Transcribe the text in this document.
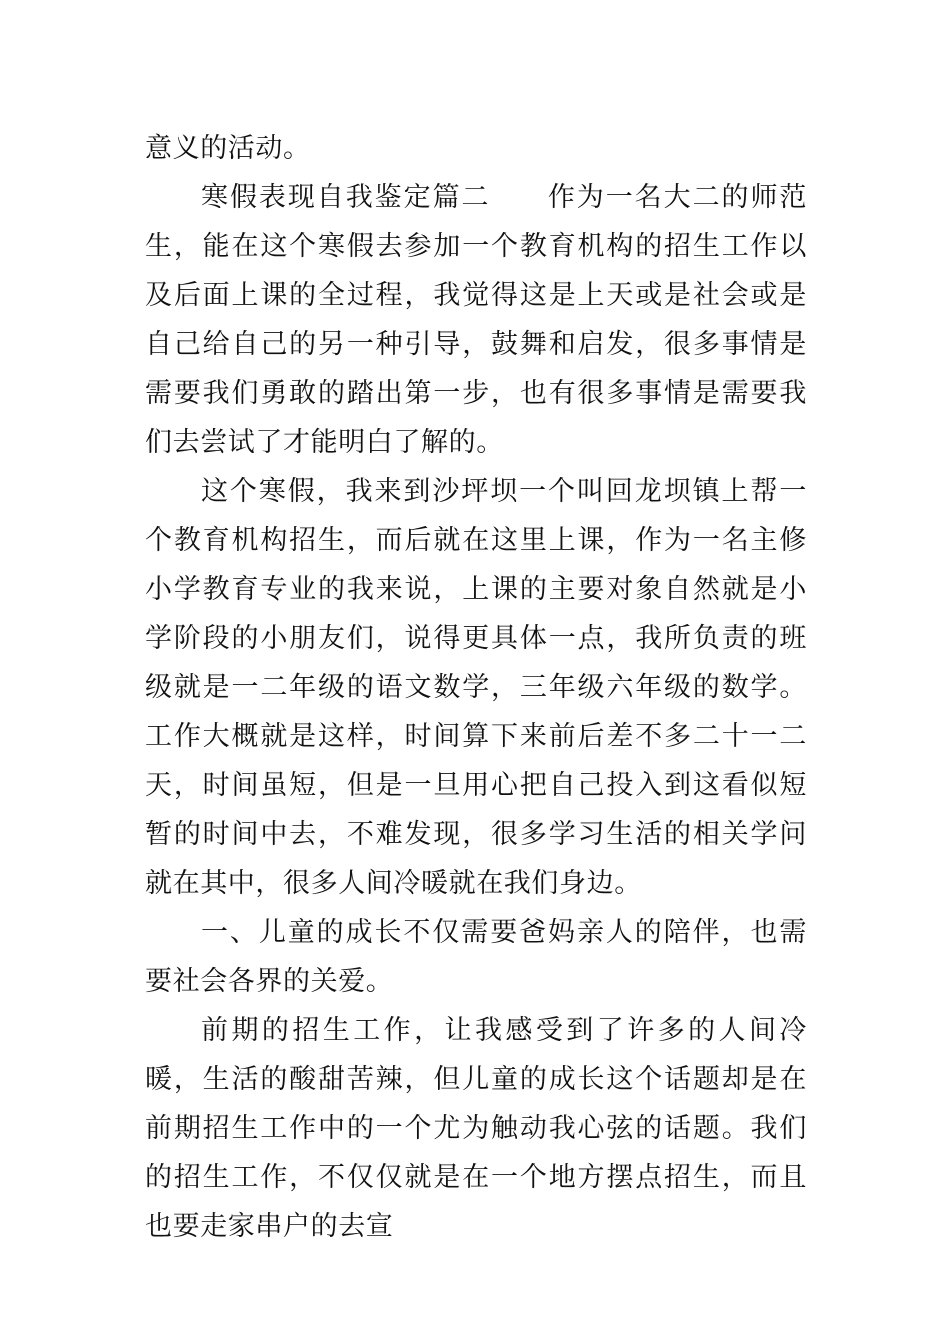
意义的活动。

寒假表现自我鉴定篇二 作为一名大二的师范生，能在这个寒假去参加一个教育机构的招生工作以及后面上课的全过程，我觉得这是上天或是社会或是自己给自己的另一种引导，鼓舞和启发，很多事情是需要我们勇敢的踏出第一步，也有很多事情是需要我们去尝试了才能明白了解的。

这个寒假，我来到沙坪坝一个叫回龙坝镇上帮一个教育机构招生，而后就在这里上课，作为一名主修小学教育专业的我来说，上课的主要对象自然就是小学阶段的小朋友们，说得更具体一点，我所负责的班级就是一二年级的语文数学，三年级六年级的数学。工作大概就是这样，时间算下来前后差不多二十一二天，时间虽短，但是一旦用心把自己投入到这看似短暂的时间中去，不难发现，很多学习生活的相关学问就在其中，很多人间冷暖就在我们身边。

一、儿童的成长不仅需要爸妈亲人的陪伴，也需要社会各界的关爱。

前期的招生工作，让我感受到了许多的人间冷暖，生活的酸甜苦辣，但儿童的成长这个话题却是在前期招生工作中的一个尤为触动我心弦的话题。我们的招生工作，不仅仅就是在一个地方摆点招生，而且也要走家串户的去宣
